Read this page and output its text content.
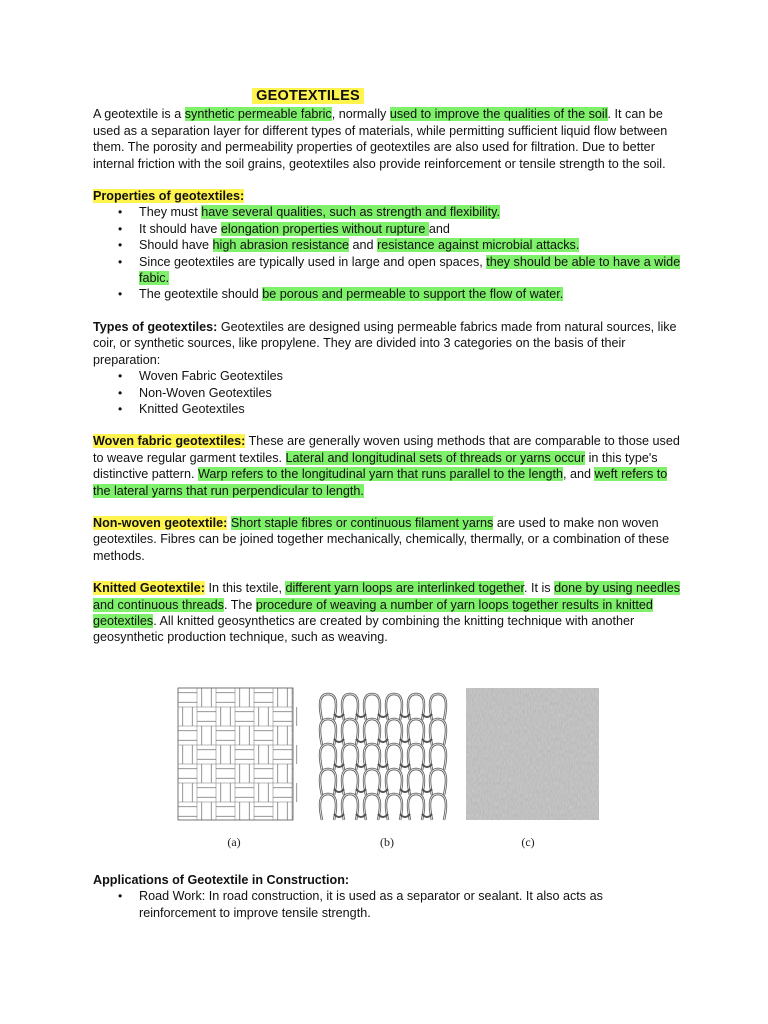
GEOTEXTILES

A geotextile is a synthetic permeable fabric, normally used to improve the qualities of the soil. It can be used as a separation layer for different types of materials, while permitting sufficient liquid flow between them. The porosity and permeability properties of geotextiles are also used for filtration. Due to better internal friction with the soil grains, geotextiles also provide reinforcement or tensile strength to the soil.

Properties of geotextiles:

• They must have several qualities, such as strength and flexibility.
• It should have elongation properties without rupture and
• Should have high abrasion resistance and resistance against microbial attacks.
• Since geotextiles are typically used in large and open spaces, they should be able to have a wide fabic.
• The geotextile should be porous and permeable to support the flow of water.

Types of geotextiles: Geotextiles are designed using permeable fabrics made from natural sources, like coir, or synthetic sources, like propylene. They are divided into 3 categories on the basis of their preparation:

• Woven Fabric Geotextiles
• Non-Woven Geotextiles
• Knitted Geotextiles

Woven fabric geotextiles: These are generally woven using methods that are comparable to those used to weave regular garment textiles. Lateral and longitudinal sets of threads or yarns occur in this type's distinctive pattern. Warp refers to the longitudinal yarn that runs parallel to the length, and weft refers to the lateral yarns that run perpendicular to length.

Non-woven geotextile: Short staple fibres or continuous filament yarns are used to make non woven geotextiles. Fibres can be joined together mechanically, chemically, thermally, or a combination of these methods.

Knitted Geotextile: In this textile, different yarn loops are interlinked together. It is done by using needles and continuous threads. The procedure of weaving a number of yarn loops together results in knitted geotextiles. All knitted geosynthetics are created by combining the knitting technique with another geosynthetic production technique, such as weaving.

(a)	(b)	(c)

Applications of Geotextile in Construction:

• Road Work: In road construction, it is used as a separator or sealant. It also acts as reinforcement to improve tensile strength.
